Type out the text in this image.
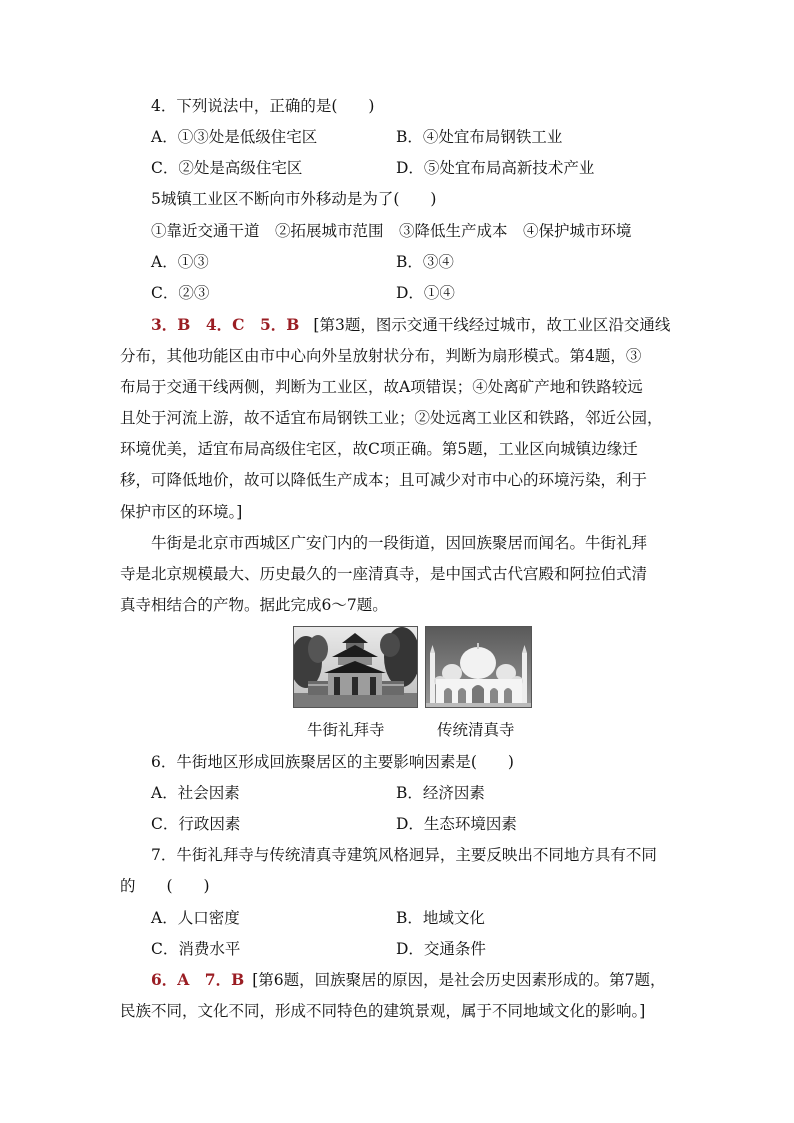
4．下列说法中，正确的是(　　)
A．①③处是低级住宅区	B．④处宜布局钢铁工业
C．②处是高级住宅区	D．⑤处宜布局高新技术产业
5城镇工业区不断向市外移动是为了(　　)
①靠近交通干道　②拓展城市范围　③降低生产成本　④保护城市环境
A．①③	B．③④
C．②③	D．①④
3．B　4．C　5．B [第3题，图示交通干线经过城市，故工业区沿交通线
分布，其他功能区由市中心向外呈放射状分布，判断为扇形模式。第4题，③
布局于交通干线两侧，判断为工业区，故A项错误；④处离矿产地和铁路较远
且处于河流上游，故不适宜布局钢铁工业；②处远离工业区和铁路，邻近公园，
环境优美，适宜布局高级住宅区，故C项正确。第5题，工业区向城镇边缘迁
移，可降低地价，故可以降低生产成本；且可减少对市中心的环境污染，利于
保护市区的环境。]
牛街是北京市西城区广安门内的一段街道，因回族聚居而闻名。牛街礼拜
寺是北京规模最大、历史最久的一座清真寺，是中国式古代宫殿和阿拉伯式清
真寺相结合的产物。据此完成6～7题。
牛街礼拜寺	传统清真寺
6．牛街地区形成回族聚居区的主要影响因素是(　　)
A．社会因素	B．经济因素
C．行政因素	D．生态环境因素
7．牛街礼拜寺与传统清真寺建筑风格迥异，主要反映出不同地方具有不同
的　　(　　)
A．人口密度	B．地域文化
C．消费水平	D．交通条件
6．A　7．B [第6题，回族聚居的原因，是社会历史因素形成的。第7题，
民族不同，文化不同，形成不同特色的建筑景观，属于不同地域文化的影响。]
